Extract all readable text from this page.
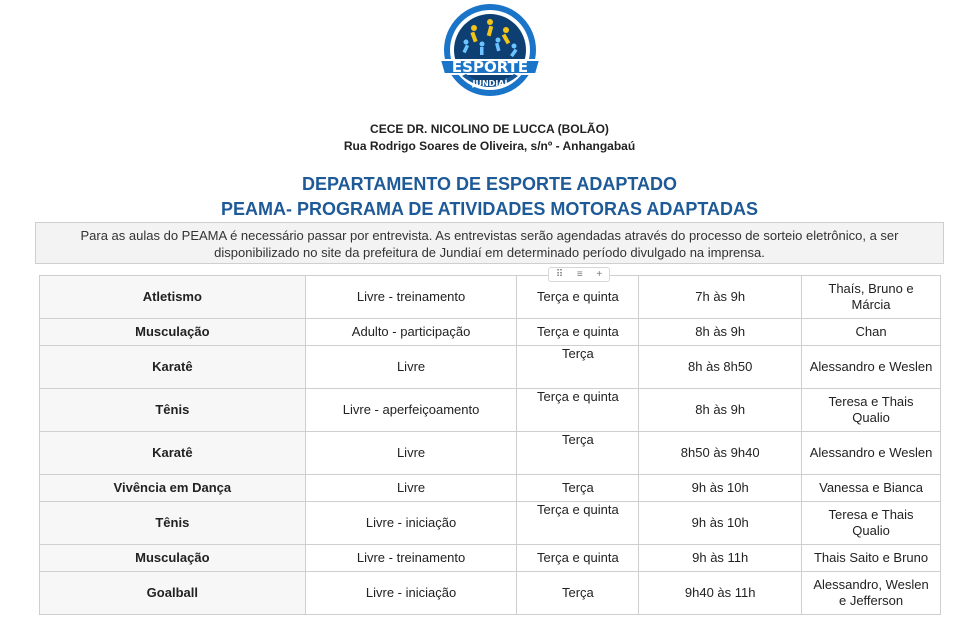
ESPORTE
JUNDIAÍ
CECE DR. NICOLINO DE LUCCA (BOLÃO)
Rua Rodrigo Soares de Oliveira, s/nº - Anhangabaú
DEPARTAMENTO DE ESPORTE ADAPTADO
PEAMA- PROGRAMA DE ATIVIDADES MOTORAS ADAPTADAS
Para as aulas do PEAMA é necessário passar por entrevista. As entrevistas serão agendadas através do processo de sorteio eletrônico, a ser disponibilizado no site da prefeitura de Jundiaí em determinado período divulgado na imprensa.
⠿ ≡ +
Atletismo	Livre - treinamento	Terça e quinta	7h às 9h	Thaís, Bruno e Márcia
Musculação	Adulto - participação	Terça e quinta	8h às 9h	Chan
Karatê	Livre	Terça	8h às 8h50	Alessandro e Weslen
Tênis	Livre - aperfeiçoamento	Terça e quinta	8h às 9h	Teresa e Thais Qualio
Karatê	Livre	Terça	8h50 às 9h40	Alessandro e Weslen
Vivência em Dança	Livre	Terça	9h às 10h	Vanessa e Bianca
Tênis	Livre - iniciação	Terça e quinta	9h às 10h	Teresa e Thais Qualio
Musculação	Livre - treinamento	Terça e quinta	9h às 11h	Thais Saito e Bruno
Goalball	Livre - iniciação	Terça	9h40 às 11h	Alessandro, Weslen e Jefferson
